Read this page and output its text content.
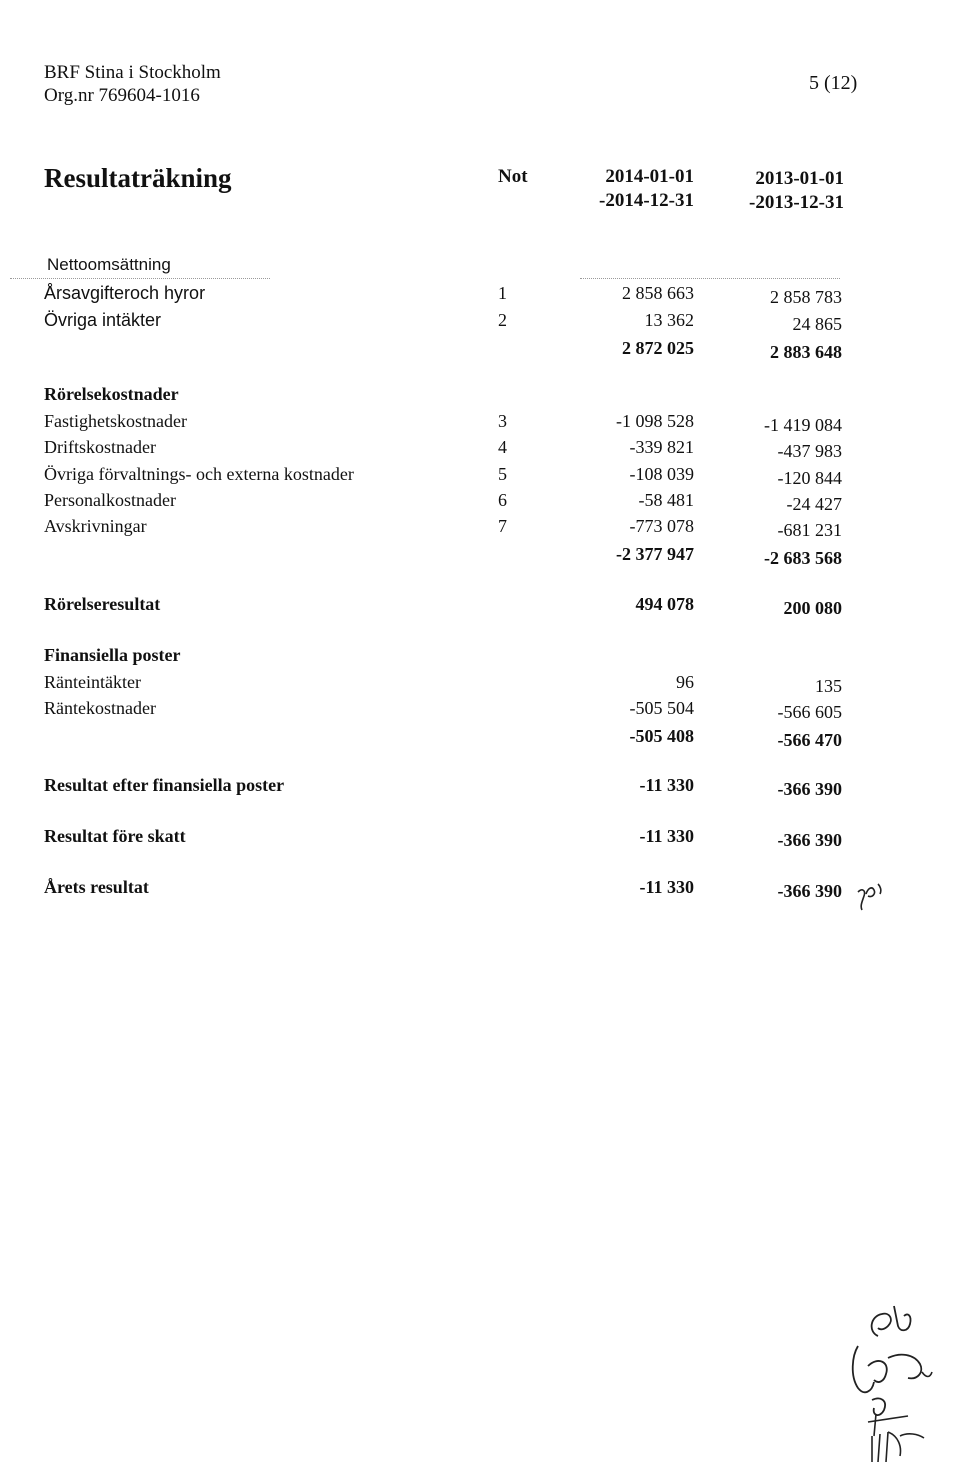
BRF Stina i Stockholm
Org.nr 769604-1016
5 (12)
Resultaträkning	Not	2014-01-01
-2014-12-31
2013-01-01
-2013-12-31
Nettoomsättning
Årsavgifteroch hyror	1	2 858 663	2 858 783
Övriga intäkter	2	13 362	24 865
2 872 025	2 883 648
Rörelsekostnader
Fastighetskostnader	3	-1 098 528	-1 419 084
Driftskostnader	4	-339 821	-437 983
Övriga förvaltnings- och externa kostnader	5	-108 039	-120 844
Personalkostnader	6	-58 481	-24 427
Avskrivningar	7	-773 078	-681 231
-2 377 947	-2 683 568
Rörelseresultat	494 078	200 080
Finansiella poster
Ränteintäkter	96	135
Räntekostnader	-505 504	-566 605
-505 408	-566 470
Resultat efter finansiella poster	-11 330	-366 390
Resultat före skatt	-11 330	-366 390
Årets resultat	-11 330	-366 390
